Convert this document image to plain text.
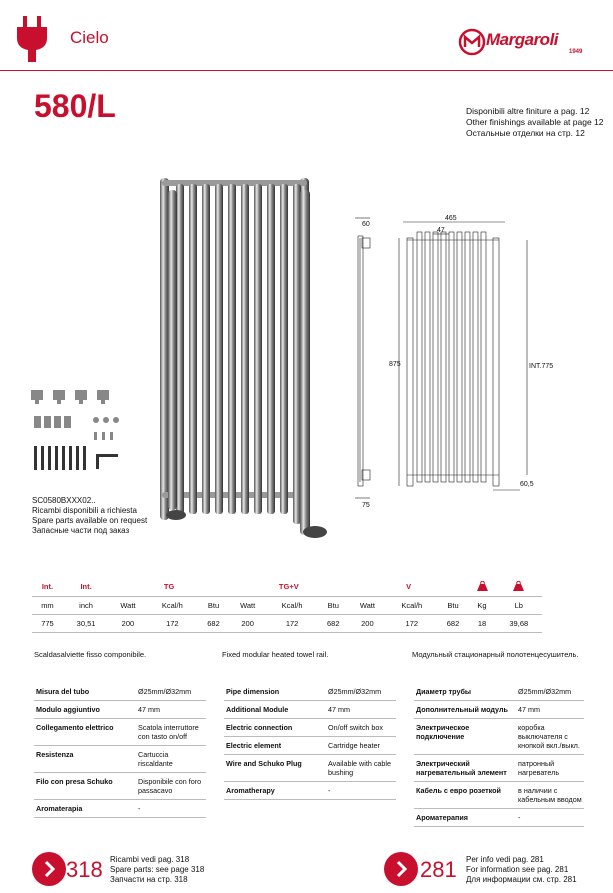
Cielo	Margaroli
1949
580/L	Disponibili altre finiture a pag. 12
Other finishings available at page 12
Остальные отделки на стр. 12
60
465
47
875	INT.775
75
60,5
SC0580BXXX02..
Ricambi disponibili a richiesta
Spare parts available on request
Запасные части под заказ
Int.	Int.	TG			TG+V			V		
mm	inch	Watt	Kcal/h	Btu	Watt	Kcal/h	Btu	Watt	Kcal/h	Btu	Kg	Lb
775	30,51	200	172	682	200	172	682	200	172	682	18	39,68
Scaldasalviette fisso componibile.	Fixed modular heated towel rail.	Модульный стационарный полотенцесушитель.
Misura del tubo	Ø25mm/Ø32mm
Modulo aggiuntivo	47 mm
Collegamento elettrico	Scatola interruttore con tasto on/off
Resistenza	Cartuccia riscaldante
Filo con presa Schuko	Disponibile con foro passacavo
Aromateraрia	-
Pipe dimension	Ø25mm/Ø32mm
Additional Module	47 mm
Electric connection	On/off switch box
Electric element	Cartridge heater
Wire and Schuko Plug	Available with cable bushing
Aromatherapy	-
Диаметр трубы	Ø25mm/Ø32mm
Дополнительный модуль	47 mm
Электрическое подключение	коробка выключателя с кнопкой вкл./выкл.
Электрический нагревательный элемент	патронный нагреватель
Кабель с евро розеткой	в наличии с кабельным вводом
Ароматерапия	-
318 Ricambi vedi pag. 318
Spare parts: see page 318
Запчасти на стр. 318	281 Per info vedi pag. 281
For information see pag. 281
Для информации см. стр. 281
